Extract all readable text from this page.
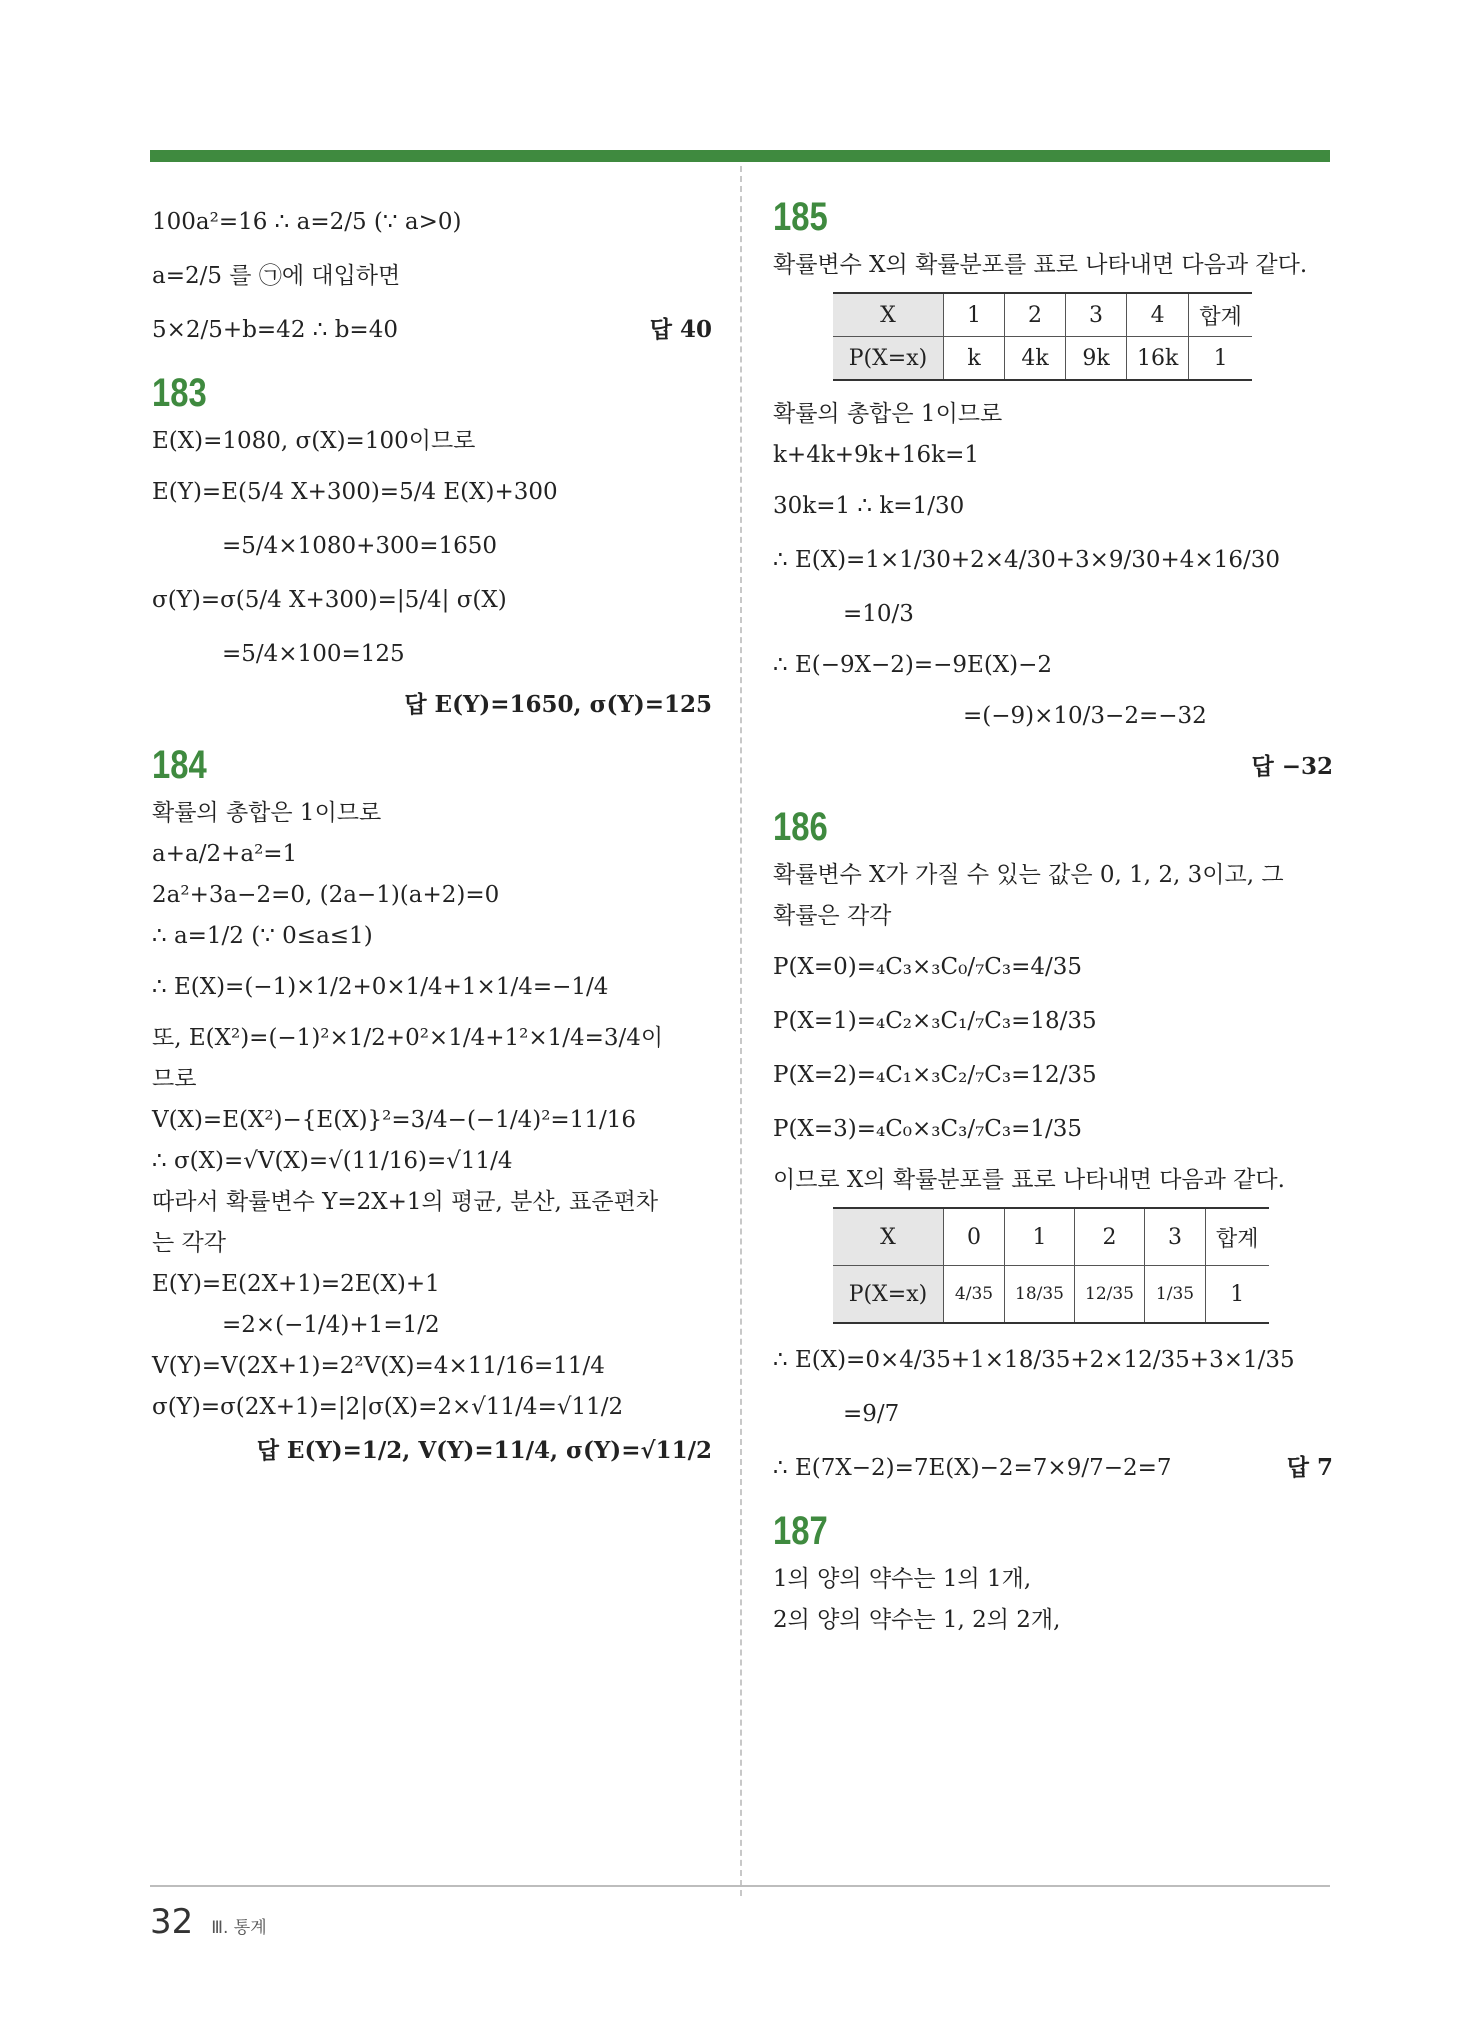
100a²=16 ∴ a=2/5 (∵ a>0)
a=2/5 를 ㉠에 대입하면
5×2/5+b=42 ∴ b=40	답 40
183
E(X)=1080, σ(X)=100이므로
E(Y)=E(5/4 X+300)=5/4 E(X)+300
=5/4×1080+300=1650
σ(Y)=σ(5/4 X+300)=|5/4| σ(X)
=5/4×100=125
답 E(Y)=1650, σ(Y)=125
184
확률의 총합은 1이므로
a+a/2+a²=1
2a²+3a−2=0, (2a−1)(a+2)=0
∴ a=1/2 (∵ 0≤a≤1)
∴ E(X)=(−1)×1/2+0×1/4+1×1/4=−1/4
또, E(X²)=(−1)²×1/2+0²×1/4+1²×1/4=3/4이
므로
V(X)=E(X²)−{E(X)}²=3/4−(−1/4)²=11/16
∴ σ(X)=√V(X)=√(11/16)=√11/4
따라서 확률변수 Y=2X+1의 평균, 분산, 표준편차
는 각각
E(Y)=E(2X+1)=2E(X)+1
=2×(−1/4)+1=1/2
V(Y)=V(2X+1)=2²V(X)=4×11/16=11/4
σ(Y)=σ(2X+1)=|2|σ(X)=2×√11/4=√11/2
답 E(Y)=1/2, V(Y)=11/4, σ(Y)=√11/2
185
확률변수 X의 확률분포를 표로 나타내면 다음과 같다.
X	1	2	3	4	합계
P(X=x)	k	4k	9k	16k	1
확률의 총합은 1이므로
k+4k+9k+16k=1
30k=1 ∴ k=1/30
∴ E(X)=1×1/30+2×4/30+3×9/30+4×16/30
=10/3
∴ E(−9X−2)=−9E(X)−2
=(−9)×10/3−2=−32
답 −32
186
확률변수 X가 가질 수 있는 값은 0, 1, 2, 3이고, 그
확률은 각각
P(X=0)=₄C₃×₃C₀/₇C₃=4/35
P(X=1)=₄C₂×₃C₁/₇C₃=18/35
P(X=2)=₄C₁×₃C₂/₇C₃=12/35
P(X=3)=₄C₀×₃C₃/₇C₃=1/35
이므로 X의 확률분포를 표로 나타내면 다음과 같다.
X	0	1	2	3	합계
P(X=x)	4/35	18/35	12/35	1/35	1
∴ E(X)=0×4/35+1×18/35+2×12/35+3×1/35
=9/7
∴ E(7X−2)=7E(X)−2=7×9/7−2=7	답 7
187
1의 양의 약수는 1의 1개,
2의 양의 약수는 1, 2의 2개,
32 Ⅲ. 통계
